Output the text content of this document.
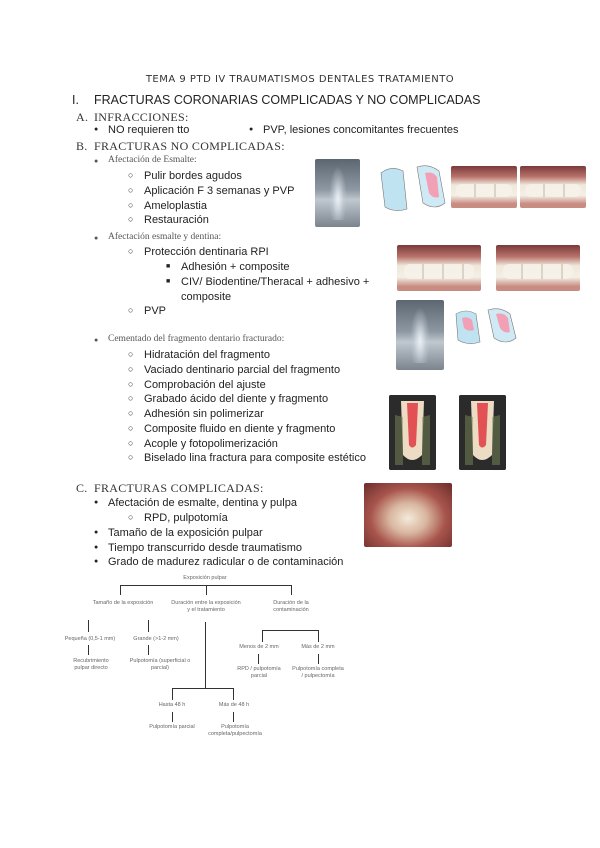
TEMA 9 PTD IV TRAUMATISMOS DENTALES TRATAMIENTO
I. FRACTURAS CORONARIAS COMPLICADAS Y NO COMPLICADAS
A. INFRACCIONES:
● NO requieren tto
●	PVP, lesiones concomitantes frecuentes
B. FRACTURAS NO COMPLICADAS:
● Afectación de Esmalte:
○ Pulir bordes agudos
○ Aplicación F 3 semanas y PVP
○ Ameloplastia
○ Restauración
● Afectación esmalte y dentina:
○ Protección dentinaria RPI
■ Adhesión + composite
■ CIV/ Biodentine/Theracal + adhesivo +
composite
○ PVP
● Cementado del fragmento dentario fracturado:
○ Hidratación del fragmento
○ Vaciado dentinario parcial del fragmento
○ Comprobación del ajuste
○ Grabado ácido del diente y fragmento
○ Adhesión sin polimerizar
○ Composite fluido en diente y fragmento
○ Acople y fotopolimerización
○ Biselado lina fractura para composite estético
C. FRACTURAS COMPLICADAS:
● Afectación de esmalte, dentina y pulpa
○ RPD, pulpotomía
● Tamaño de la exposición pulpar
● Tiempo transcurrido desde traumatismo
● Grado de madurez radicular o de contaminación
Exposición pulpar
Tamaño de la exposición	Duración entre la exposición y el tratamiento
Duración de la contaminación
Pequeña (0,5-1 mm)	Grande (>1-2 mm)
Recubrimiento pulpar directo
Pulpotomía (superficial o parcial)
Menos de 2 mm	Más de 2 mm
RPD / pulpotomía parcial
Pulpotomía completa / pulpectomía
Hasta 48 h	Más de 48 h
Pulpotomía parcial	Pulpotomía completa/pulpectomía
